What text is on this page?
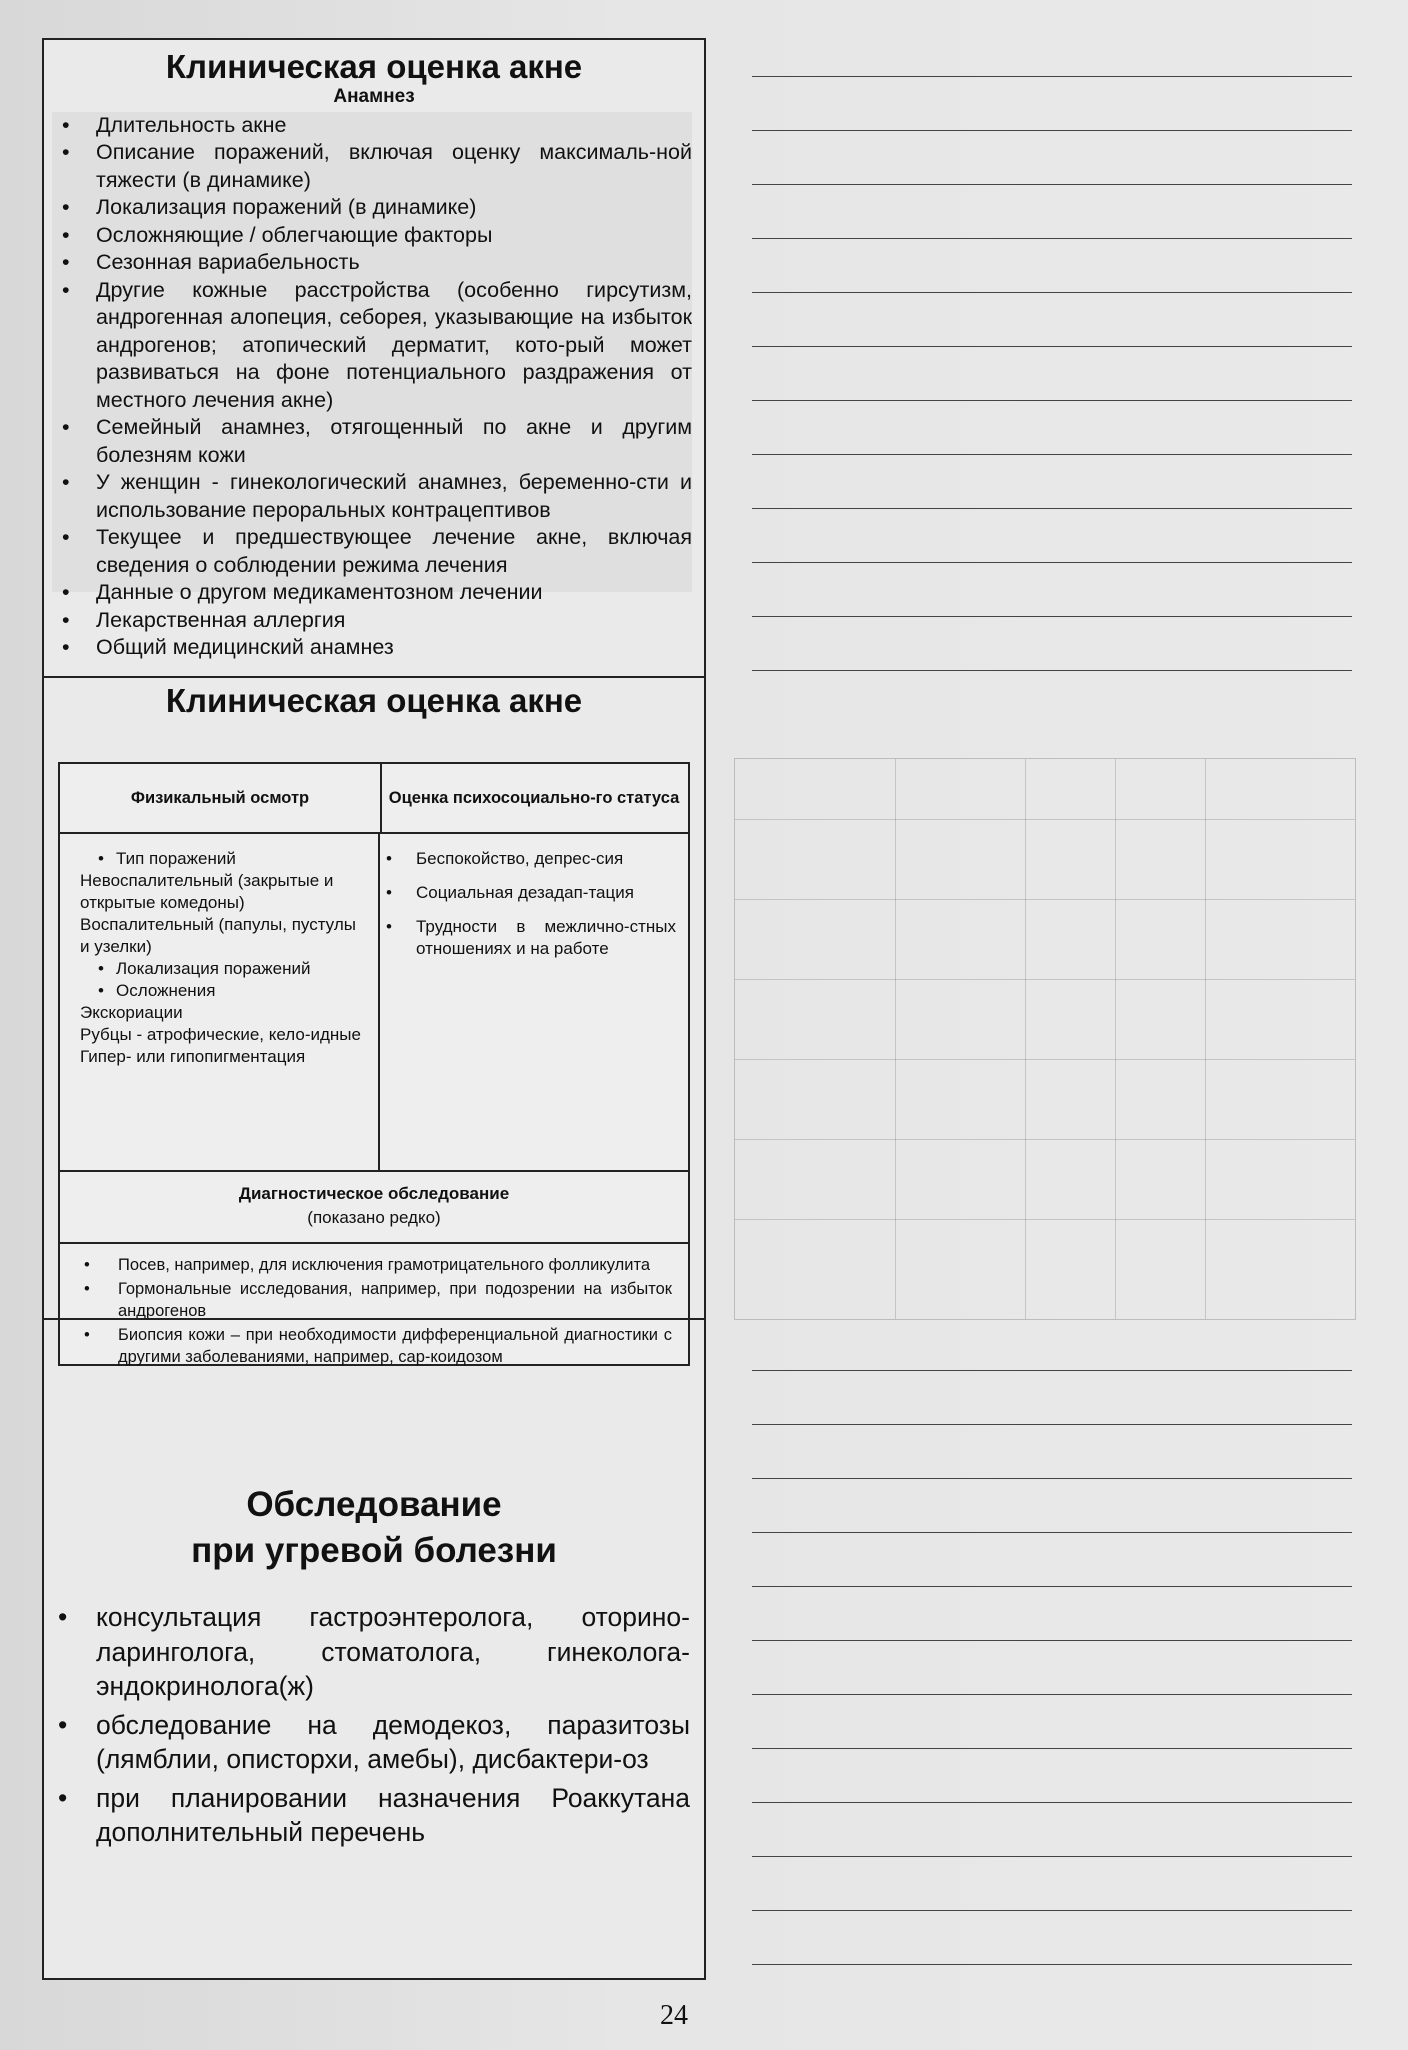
Клиническая оценка акне
Анамнез
• Длительность акне
• Описание поражений, включая оценку максималь-ной тяжести (в динамике)
• Локализация поражений (в динамике)
• Осложняющие / облегчающие факторы
• Сезонная вариабельность
• Другие кожные расстройства (особенно гирсутизм, андрогенная алопеция, себорея, указывающие на избыток андрогенов; атопический дерматит, кото-рый может развиваться на фоне потенциального раздражения от местного лечения акне)
• Семейный анамнез, отягощенный по акне и другим болезням кожи
• У женщин - гинекологический анамнез, беременно-сти и использование пероральных контрацептивов
• Текущее и предшествующее лечение акне, включая сведения о соблюдении режима лечения
• Данные о другом медикаментозном лечении
• Лекарственная аллергия
• Общий медицинский анамнез
Клиническая оценка акне
Физикальный осмотр	Оценка психосоциально-го статуса
• Тип поражений
Невоспалительный (закрытые и открытые комедоны)
Воспалительный (папулы, пустулы и узелки)
• Локализация поражений
• Осложнения
Экскориации
Рубцы - атрофические, кело-идные
Гипер- или гипопигментация
• Беспокойство, депрес-сия
• Социальная дезадап-тация
• Трудности в межлично-стных отношениях и на работе
Диагностическое обследование
(показано редко)
• Посев, например, для исключения грамотрицательного фолликулита
• Гормональные исследования, например, при подозрении на избыток андрогенов
• Биопсия кожи – при необходимости дифференциальной диагностики с другими заболеваниями, например, сар-коидозом
Обследование
при угревой болезни
• консультация гастроэнтеролога, оторино-ларинголога, стоматолога, гинеколога-эндокринолога(ж)
• обследование на демодекоз, паразитозы (лямблии, описторхи, амебы), дисбактери-оз
• при планировании назначения Роаккутана дополнительный перечень
24
